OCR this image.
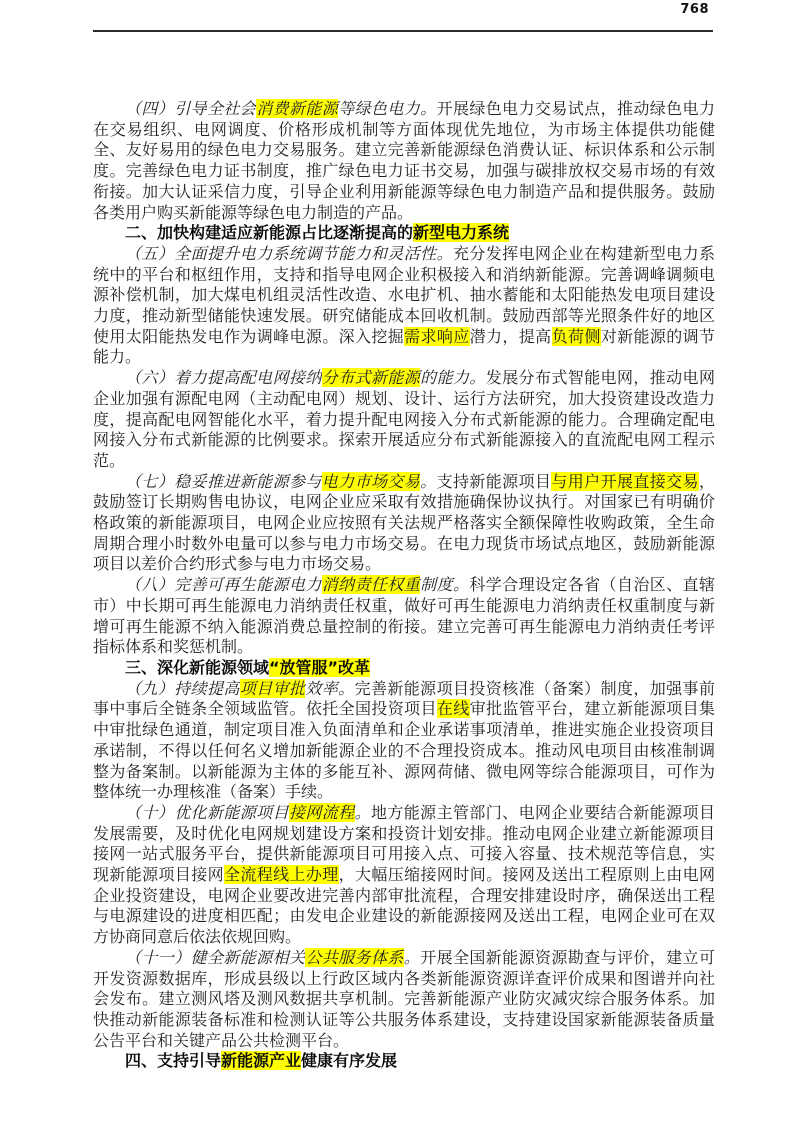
768

（四）引导全社会消费新能源等绿色电力。开展绿色电力交易试点，推动绿色电力在交易组织、电网调度、价格形成机制等方面体现优先地位，为市场主体提供功能健全、友好易用的绿色电力交易服务。建立完善新能源绿色消费认证、标识体系和公示制度。完善绿色电力证书制度，推广绿色电力证书交易，加强与碳排放权交易市场的有效衔接。加大认证采信力度，引导企业利用新能源等绿色电力制造产品和提供服务。鼓励各类用户购买新能源等绿色电力制造的产品。

二、加快构建适应新能源占比逐渐提高的新型电力系统

（五）全面提升电力系统调节能力和灵活性。充分发挥电网企业在构建新型电力系统中的平台和枢纽作用，支持和指导电网企业积极接入和消纳新能源。完善调峰调频电源补偿机制，加大煤电机组灵活性改造、水电扩机、抽水蓄能和太阳能热发电项目建设力度，推动新型储能快速发展。研究储能成本回收机制。鼓励西部等光照条件好的地区使用太阳能热发电作为调峰电源。深入挖掘需求响应潜力，提高负荷侧对新能源的调节能力。

（六）着力提高配电网接纳分布式新能源的能力。发展分布式智能电网，推动电网企业加强有源配电网（主动配电网）规划、设计、运行方法研究，加大投资建设改造力度，提高配电网智能化水平，着力提升配电网接入分布式新能源的能力。合理确定配电网接入分布式新能源的比例要求。探索开展适应分布式新能源接入的直流配电网工程示范。

（七）稳妥推进新能源参与电力市场交易。支持新能源项目与用户开展直接交易，鼓励签订长期购售电协议，电网企业应采取有效措施确保协议执行。对国家已有明确价格政策的新能源项目，电网企业应按照有关法规严格落实全额保障性收购政策，全生命周期合理小时数外电量可以参与电力市场交易。在电力现货市场试点地区，鼓励新能源项目以差价合约形式参与电力市场交易。

（八）完善可再生能源电力消纳责任权重制度。科学合理设定各省（自治区、直辖市）中长期可再生能源电力消纳责任权重，做好可再生能源电力消纳责任权重制度与新增可再生能源不纳入能源消费总量控制的衔接。建立完善可再生能源电力消纳责任考评指标体系和奖惩机制。

三、深化新能源领域“放管服”改革

（九）持续提高项目审批效率。完善新能源项目投资核准（备案）制度，加强事前事中事后全链条全领域监管。依托全国投资项目在线审批监管平台，建立新能源项目集中审批绿色通道，制定项目准入负面清单和企业承诺事项清单，推进实施企业投资项目承诺制，不得以任何名义增加新能源企业的不合理投资成本。推动风电项目由核准制调整为备案制。以新能源为主体的多能互补、源网荷储、微电网等综合能源项目，可作为整体统一办理核准（备案）手续。

（十）优化新能源项目接网流程。地方能源主管部门、电网企业要结合新能源项目发展需要，及时优化电网规划建设方案和投资计划安排。推动电网企业建立新能源项目接网一站式服务平台，提供新能源项目可用接入点、可接入容量、技术规范等信息，实现新能源项目接网全流程线上办理，大幅压缩接网时间。接网及送出工程原则上由电网企业投资建设，电网企业要改进完善内部审批流程，合理安排建设时序，确保送出工程与电源建设的进度相匹配；由发电企业建设的新能源接网及送出工程，电网企业可在双方协商同意后依法依规回购。

（十一）健全新能源相关公共服务体系。开展全国新能源资源勘查与评价，建立可开发资源数据库，形成县级以上行政区域内各类新能源资源详查评价成果和图谱并向社会发布。建立测风塔及测风数据共享机制。完善新能源产业防灾减灾综合服务体系。加快推动新能源装备标准和检测认证等公共服务体系建设，支持建设国家新能源装备质量公告平台和关键产品公共检测平台。

四、支持引导新能源产业健康有序发展
